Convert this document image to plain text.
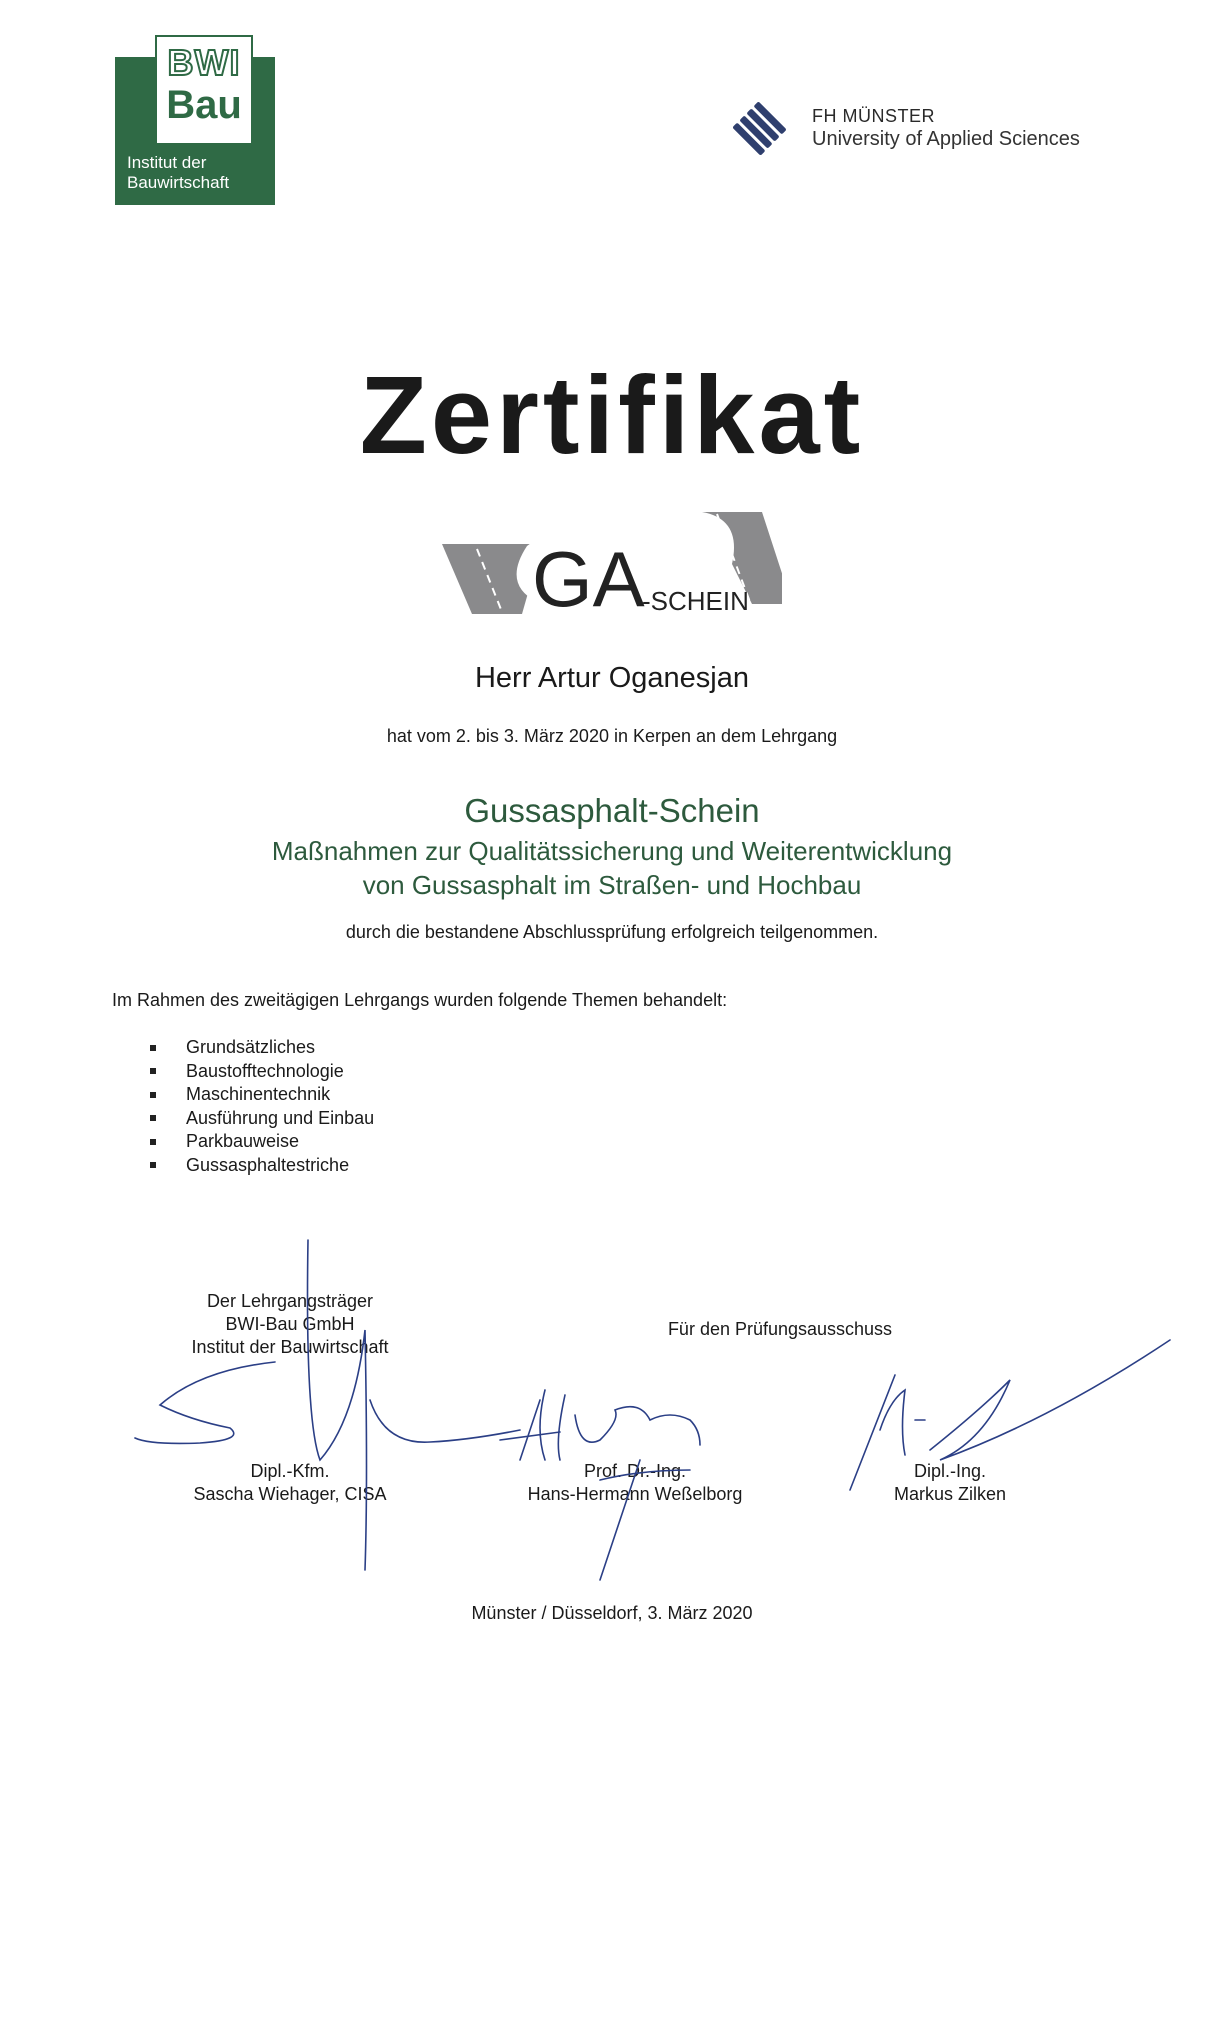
BWI
Bau
Institut der
Bauwirtschaft
FH MÜNSTER
University of Applied Sciences
Zertifikat
GA
-SCHEIN
Herr Artur Oganesjan
hat vom 2. bis 3. März 2020 in Kerpen an dem Lehrgang
Gussasphalt-Schein
Maßnahmen zur Qualitätssicherung und Weiterentwicklung
von Gussasphalt im Straßen- und Hochbau
durch die bestandene Abschlussprüfung erfolgreich teilgenommen.
Im Rahmen des zweitägigen Lehrgangs wurden folgende Themen behandelt:
Grundsätzliches
Baustofftechnologie
Maschinentechnik
Ausführung und Einbau
Parkbauweise
Gussasphaltestriche
Der Lehrgangsträger
BWI-Bau GmbH
Institut der Bauwirtschaft
Für den Prüfungsausschuss
Dipl.-Kfm.
Sascha Wiehager, CISA
Prof. Dr.-Ing.
Hans-Hermann Weßelborg
Dipl.-Ing.
Markus Zilken
Münster / Düsseldorf, 3. März 2020
